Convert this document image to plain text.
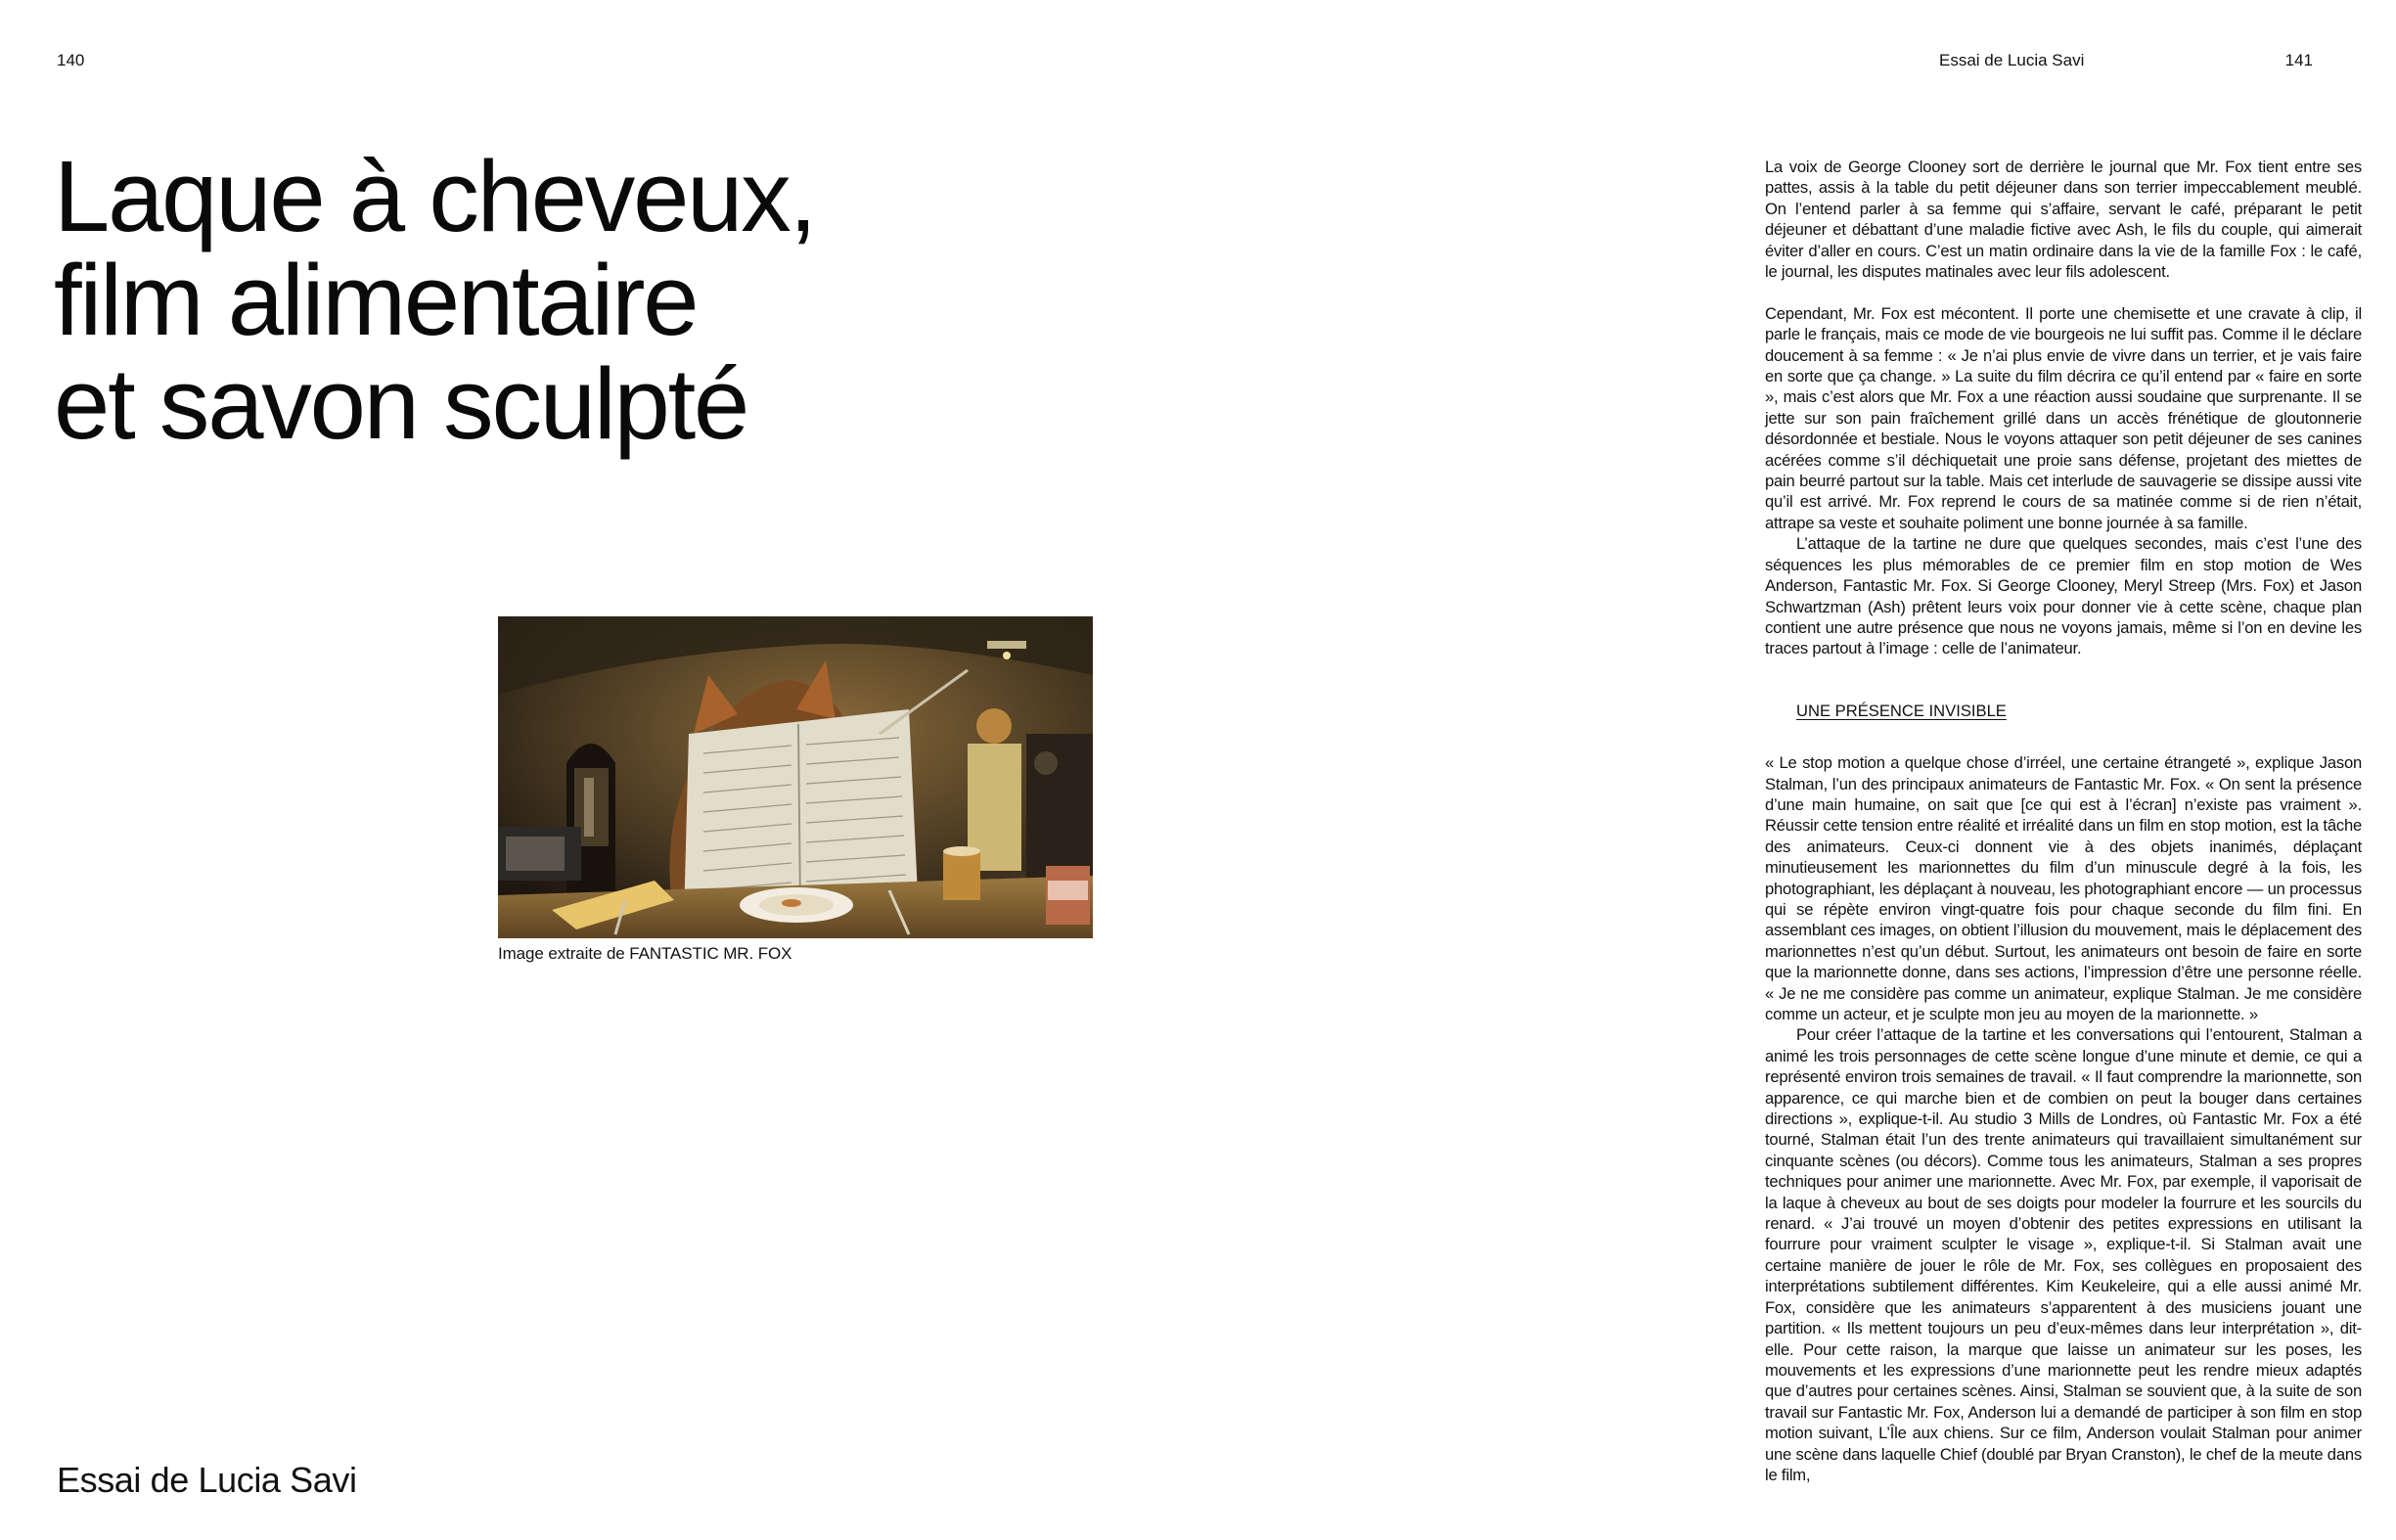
140	Essai de Lucia Savi	141
Laque à cheveux,
film alimentaire
et savon sculpté
Image extraite de FANTASTIC MR. FOX
Essai de Lucia Savi

La voix de George Clooney sort de derrière le journal que Mr. Fox tient entre ses pattes, assis à la table du petit déjeuner dans son terrier impeccablement meublé. On l’entend parler à sa femme qui s’affaire, servant le café, préparant le petit déjeuner et débattant d’une maladie fictive avec Ash, le fils du couple, qui aimerait éviter d’aller en cours. C’est un matin ordinaire dans la vie de la famille Fox : le café, le journal, les disputes matinales avec leur fils adolescent.

Cependant, Mr. Fox est mécontent. Il porte une chemisette et une cravate à clip, il parle le français, mais ce mode de vie bourgeois ne lui suffit pas. Comme il le déclare doucement à sa femme : « Je n’ai plus envie de vivre dans un terrier, et je vais faire en sorte que ça change. » La suite du film décrira ce qu’il entend par « faire en sorte », mais c’est alors que Mr. Fox a une réaction aussi soudaine que surprenante. Il se jette sur son pain fraîchement grillé dans un accès frénétique de gloutonnerie désordonnée et bestiale. Nous le voyons attaquer son petit déjeuner de ses canines acérées comme s’il déchiquetait une proie sans défense, projetant des miettes de pain beurré partout sur la table. Mais cet interlude de sauvagerie se dissipe aussi vite qu’il est arrivé. Mr. Fox reprend le cours de sa matinée comme si de rien n’était, attrape sa veste et souhaite poliment une bonne journée à sa famille.

L’attaque de la tartine ne dure que quelques secondes, mais c’est l’une des séquences les plus mémorables de ce premier film en stop motion de Wes Anderson, Fantastic Mr. Fox. Si George Clooney, Meryl Streep (Mrs. Fox) et Jason Schwartzman (Ash) prêtent leurs voix pour donner vie à cette scène, chaque plan contient une autre présence que nous ne voyons jamais, même si l’on en devine les traces partout à l’image : celle de l’animateur.

UNE PRÉSENCE INVISIBLE

« Le stop motion a quelque chose d’irréel, une certaine étrangeté », explique Jason Stalman, l’un des principaux animateurs de Fantastic Mr. Fox. « On sent la présence d’une main humaine, on sait que [ce qui est à l’écran] n’existe pas vraiment ». Réussir cette tension entre réalité et irréalité dans un film en stop motion, est la tâche des animateurs. Ceux-ci donnent vie à des objets inanimés, déplaçant minutieusement les marionnettes du film d’un minuscule degré à la fois, les photographiant, les déplaçant à nouveau, les photographiant encore — un processus qui se répète environ vingt-quatre fois pour chaque seconde du film fini. En assemblant ces images, on obtient l’illusion du mouvement, mais le déplacement des marionnettes n’est qu’un début. Surtout, les animateurs ont besoin de faire en sorte que la marionnette donne, dans ses actions, l’impression d’être une personne réelle. « Je ne me considère pas comme un animateur, explique Stalman. Je me considère comme un acteur, et je sculpte mon jeu au moyen de la marionnette. »

Pour créer l’attaque de la tartine et les conversations qui l’entourent, Stalman a animé les trois personnages de cette scène longue d’une minute et demie, ce qui a représenté environ trois semaines de travail. « Il faut comprendre la marionnette, son apparence, ce qui marche bien et de combien on peut la bouger dans certaines directions », explique-t-il. Au studio 3 Mills de Londres, où Fantastic Mr. Fox a été tourné, Stalman était l’un des trente animateurs qui travaillaient simultanément sur cinquante scènes (ou décors). Comme tous les animateurs, Stalman a ses propres techniques pour animer une marionnette. Avec Mr. Fox, par exemple, il vaporisait de la laque à cheveux au bout de ses doigts pour modeler la fourrure et les sourcils du renard. « J’ai trouvé un moyen d’obtenir des petites expressions en utilisant la fourrure pour vraiment sculpter le visage », explique-t-il. Si Stalman avait une certaine manière de jouer le rôle de Mr. Fox, ses collègues en proposaient des interprétations subtilement différentes. Kim Keukeleire, qui a elle aussi animé Mr. Fox, considère que les animateurs s’apparentent à des musiciens jouant une partition. « Ils mettent toujours un peu d’eux-mêmes dans leur interprétation », dit-elle. Pour cette raison, la marque que laisse un animateur sur les poses, les mouvements et les expressions d’une marionnette peut les rendre mieux adaptés que d’autres pour certaines scènes. Ainsi, Stalman se souvient que, à la suite de son travail sur Fantastic Mr. Fox, Anderson lui a demandé de participer à son film en stop motion suivant, L’Île aux chiens. Sur ce film, Anderson voulait Stalman pour animer une scène dans laquelle Chief (doublé par Bryan Cranston), le chef de la meute dans le film,
